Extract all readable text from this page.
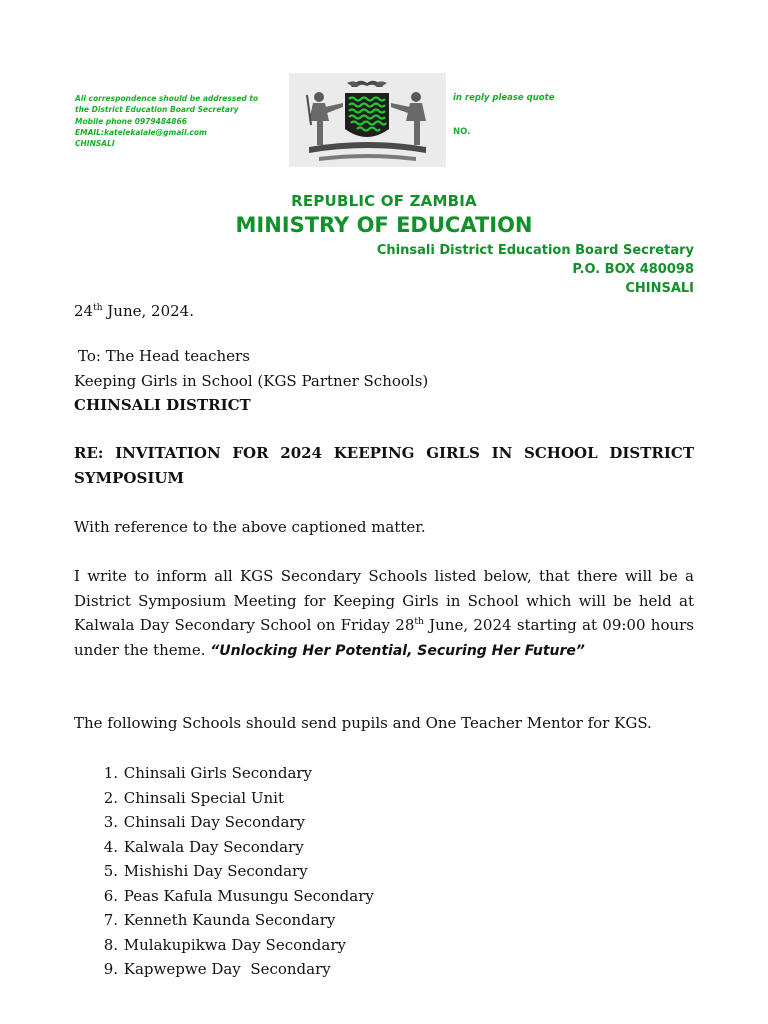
All correspondence should be addressed to
the District Education Board Secretary
Mobile phone 0979484866
EMAIL:katelekalale@gmail.com
CHINSALI
in reply please quote
NO.
REPUBLIC OF ZAMBIA
MINISTRY OF EDUCATION
Chinsali District Education Board Secretary
P.O. BOX 480098
CHINSALI
24th June, 2024.
To: The Head teachers
Keeping Girls in School (KGS Partner Schools)
CHINSALI DISTRICT
RE: INVITATION FOR 2024 KEEPING GIRLS IN SCHOOL DISTRICT SYMPOSIUM
With reference to the above captioned matter.
I write to inform all KGS Secondary Schools listed below, that there will be a District Symposium Meeting for Keeping Girls in School which will be held at Kalwala Day Secondary School on Friday 28th June, 2024 starting at 09:00 hours under the theme. “Unlocking Her Potential, Securing Her Future”
The following Schools should send pupils and One Teacher Mentor for KGS.
1. Chinsali Girls Secondary
2. Chinsali Special Unit
3. Chinsali Day Secondary
4. Kalwala Day Secondary
5. Mishishi Day Secondary
6. Peas Kafula Musungu Secondary
7. Kenneth Kaunda Secondary
8. Mulakupikwa Day Secondary
9. Kapwepwe Day  Secondary
